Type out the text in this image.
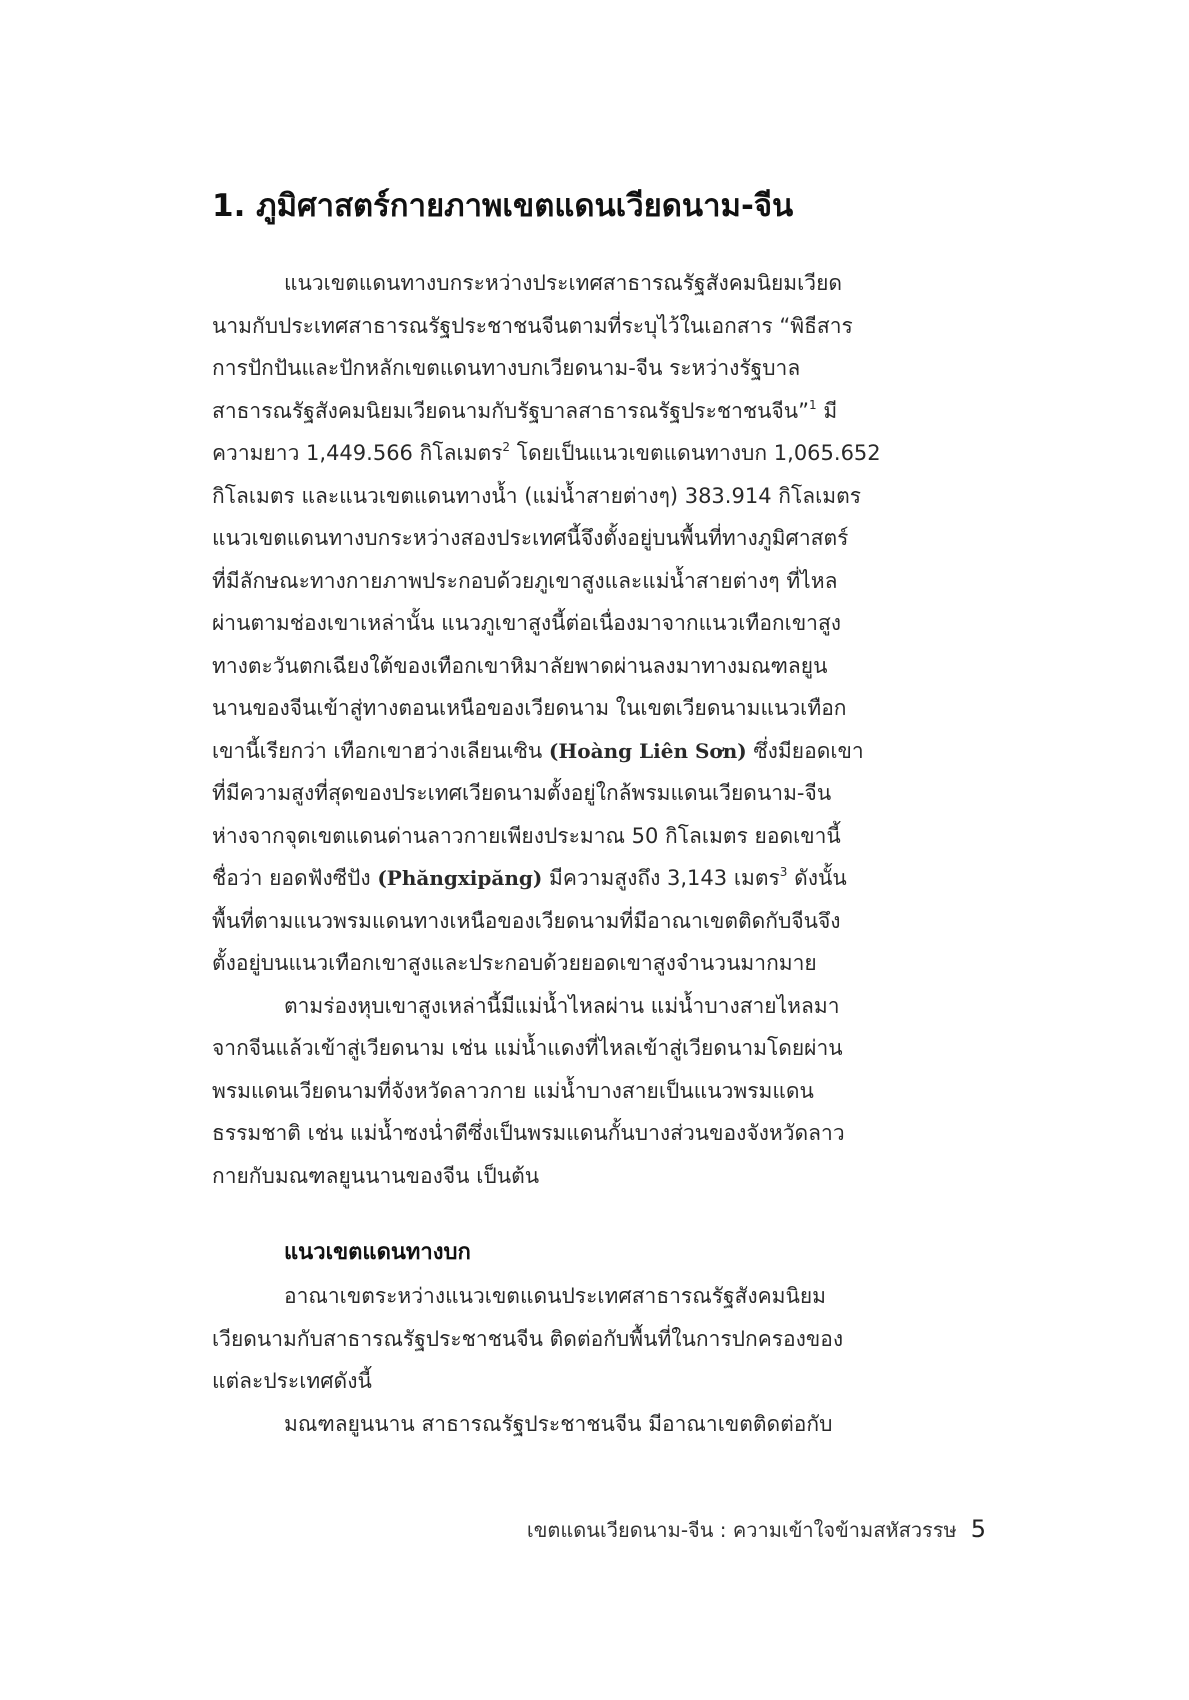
1. ภูมิศาสตร์กายภาพเขตแดนเวียดนาม-จีน

แนวเขตแดนทางบกระหว่างประเทศสาธารณรัฐสังคมนิยมเวียด
นามกับประเทศสาธารณรัฐประชาชนจีนตามที่ระบุไว้ในเอกสาร “พิธีสาร
การปักปันและปักหลักเขตแดนทางบกเวียดนาม-จีน ระหว่างรัฐบาล
สาธารณรัฐสังคมนิยมเวียดนามกับรัฐบาลสาธารณรัฐประชาชนจีน”$^1$ มี
ความยาว 1,449.566 กิโลเมตร$^2$ โดยเป็นแนวเขตแดนทางบก 1,065.652
กิโลเมตร และแนวเขตแดนทางน้ำ (แม่น้ำสายต่างๆ) 383.914 กิโลเมตร
แนวเขตแดนทางบกระหว่างสองประเทศนี้จึงตั้งอยู่บนพื้นที่ทางภูมิศาสตร์
ที่มีลักษณะทางกายภาพประกอบด้วยภูเขาสูงและแม่น้ำสายต่างๆ ที่ไหล
ผ่านตามช่องเขาเหล่านั้น แนวภูเขาสูงนี้ต่อเนื่องมาจากแนวเทือกเขาสูง
ทางตะวันตกเฉียงใต้ของเทือกเขาหิมาลัยพาดผ่านลงมาทางมณฑลยูน
นานของจีนเข้าสู่ทางตอนเหนือของเวียดนาม ในเขตเวียดนามแนวเทือก
เขานี้เรียกว่า เทือกเขาฮว่างเลียนเซิน (Hoàng Liên Sơn) ซึ่งมียอดเขา
ที่มีความสูงที่สุดของประเทศเวียดนามตั้งอยู่ใกล้พรมแดนเวียดนาม-จีน
ห่างจากจุดเขตแดนด่านลาวกายเพียงประมาณ 50 กิโลเมตร ยอดเขานี้
ชื่อว่า ยอดฟังซีปัง (Phăngxipăng) มีความสูงถึง 3,143 เมตร$^3$ ดังนั้น
พื้นที่ตามแนวพรมแดนทางเหนือของเวียดนามที่มีอาณาเขตติดกับจีนจึง
ตั้งอยู่บนแนวเทือกเขาสูงและประกอบด้วยยอดเขาสูงจำนวนมากมาย

ตามร่องหุบเขาสูงเหล่านี้มีแม่น้ำไหลผ่าน แม่น้ำบางสายไหลมา
จากจีนแล้วเข้าสู่เวียดนาม เช่น แม่น้ำแดงที่ไหลเข้าสู่เวียดนามโดยผ่าน
พรมแดนเวียดนามที่จังหวัดลาวกาย แม่น้ำบางสายเป็นแนวพรมแดน
ธรรมชาติ เช่น แม่น้ำซงน่ำตีซึ่งเป็นพรมแดนกั้นบางส่วนของจังหวัดลาว
กายกับมณฑลยูนนานของจีน เป็นต้น

แนวเขตแดนทางบก

อาณาเขตระหว่างแนวเขตแดนประเทศสาธารณรัฐสังคมนิยม
เวียดนามกับสาธารณรัฐประชาชนจีน ติดต่อกับพื้นที่ในการปกครองของ
แต่ละประเทศดังนี้

มณฑลยูนนาน สาธารณรัฐประชาชนจีน มีอาณาเขตติดต่อกับ

เขตแดนเวียดนาม-จีน : ความเข้าใจข้ามสหัสวรรษ 5
